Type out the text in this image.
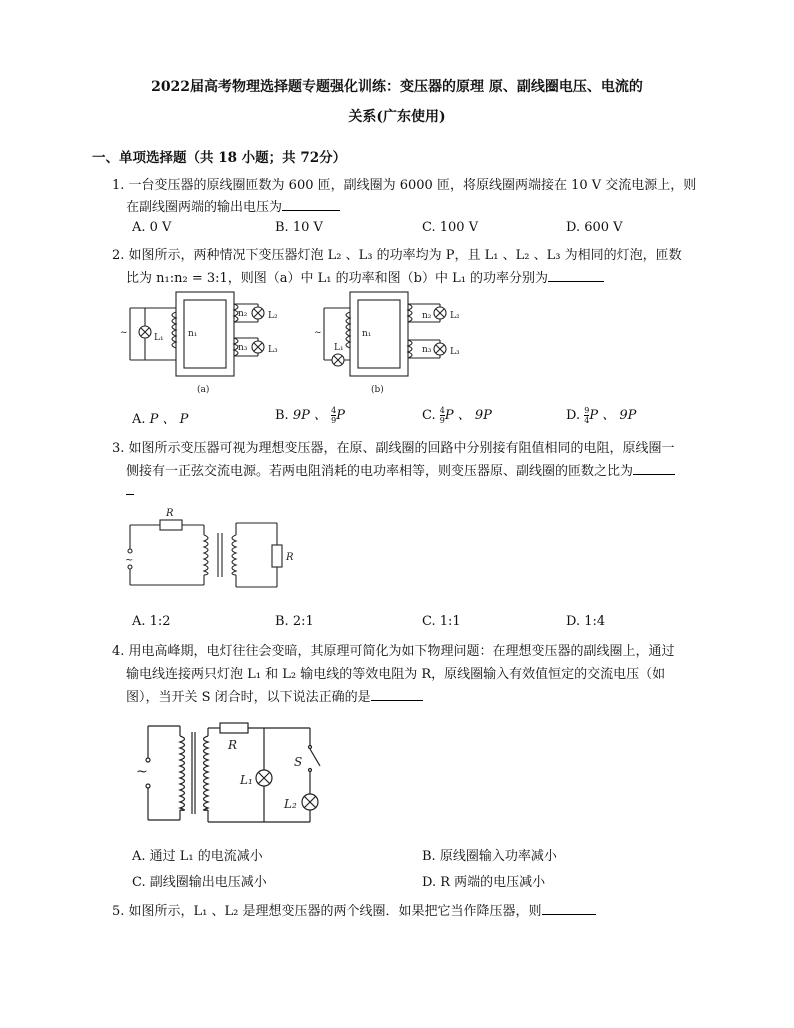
2022届高考物理选择题专题强化训练：变压器的原理 原、副线圈电压、电流的
关系(广东使用)
一、单项选择题（共 18 小题；共 72分）
1. 一台变压器的原线圈匝数为 600 匝，副线圈为 6000 匝，将原线圈两端接在 10 V 交流电源上，则
在副线圈两端的输出电压为
A. 0 V	B. 10 V	C. 100 V	D. 600 V
2. 如图所示，两种情况下变压器灯泡 L₂ 、L₃ 的功率均为 P，且 L₁ 、L₂ 、L₃ 为相同的灯泡，匝数
比为 n₁:n₂ = 3:1，则图（a）中 L₁ 的功率和图（b）中 L₁ 的功率分别为
~	L₁	n₁
n₂
n₃
L₂
L₃
(a)
~
L₁
n₁
n₂
n₃
L₂
L₃
(b)
A. P 、 P	B. 9P 、 $\frac{4}{9}$ P	C. $\frac{4}{9}$ P 、 9P	D. $\frac{9}{4}$ P 、 9P
3. 如图所示变压器可视为理想变压器，在原、副线圈的回路中分别接有阻值相同的电阻，原线圈一
侧接有一正弦交流电源。若两电阻消耗的电功率相等，则变压器原、副线圈的匝数之比为
R
R
~
A. 1:2	B. 2:1	C. 1:1	D. 1:4
4. 用电高峰期，电灯往往会变暗，其原理可简化为如下物理问题：在理想变压器的副线圈上，通过
输电线连接两只灯泡 L₁ 和 L₂ 输电线的等效电阻为 R，原线圈输入有效值恒定的交流电压（如
图），当开关 S 闭合时，以下说法正确的是
R
S
L₁
L₂
~
A. 通过 L₁ 的电流减小	B. 原线圈输入功率减小
C. 副线圈输出电压减小	D. R 两端的电压减小
5. 如图所示，L₁ 、L₂ 是理想变压器的两个线圈．如果把它当作降压器，则
